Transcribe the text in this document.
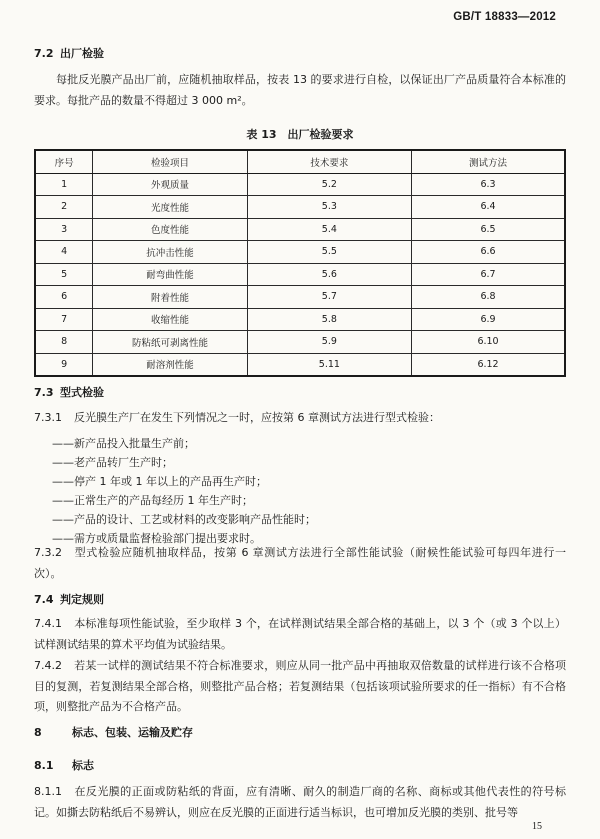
GB/T 18833—2012
7.2 出厂检验

每批反光膜产品出厂前，应随机抽取样品，按表 13 的要求进行自检，以保证出厂产品质量符合本标准的要求。每批产品的数量不得超过 3 000 m²。

表 13　出厂检验要求
序号	检验项目	技术要求	测试方法
1	外观质量	5.2	6.3
2	光度性能	5.3	6.4
3	色度性能	5.4	6.5
4	抗冲击性能	5.5	6.6
5	耐弯曲性能	5.6	6.7
6	附着性能	5.7	6.8
7	收缩性能	5.8	6.9
8	防粘纸可剥离性能	5.9	6.10
9	耐溶剂性能	5.11	6.12
7.3 型式检验

7.3.1 反光膜生产厂在发生下列情况之一时，应按第 6 章测试方法进行型式检验：

——新产品投入批量生产前；
——老产品转厂生产时；
——停产 1 年或 1 年以上的产品再生产时；
——正常生产的产品每经历 1 年生产时；
——产品的设计、工艺或材料的改变影响产品性能时；
——需方或质量监督检验部门提出要求时。

7.3.2 型式检验应随机抽取样品，按第 6 章测试方法进行全部性能试验（耐候性能试验可每四年进行一次）。

7.4 判定规则

7.4.1 本标准每项性能试验，至少取样 3 个，在试样测试结果全部合格的基础上，以 3 个（或 3 个以上）试样测试结果的算术平均值为试验结果。

7.4.2 若某一试样的测试结果不符合标准要求，则应从同一批产品中再抽取双倍数量的试样进行该不合格项目的复测，若复测结果全部合格，则整批产品合格；若复测结果（包括该项试验所要求的任一指标）有不合格项，则整批产品为不合格产品。

8	标志、包装、运输及贮存
8.1 标志

8.1.1 在反光膜的正面或防粘纸的背面，应有清晰、耐久的制造厂商的名称、商标或其他代表性的符号标记。如撕去防粘纸后不易辨认，则应在反光膜的正面进行适当标识，也可增加反光膜的类别、批号等

15
